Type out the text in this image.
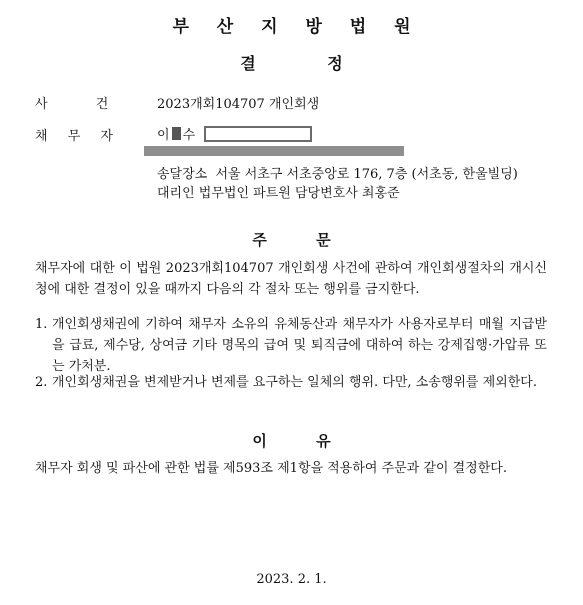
부 산 지 방 법 원
결 정
사 건	2023개회104707 개인회생
채 무 자	이 수
송달장소  서울 서초구 서초중앙로 176, 7층 (서초동, 한울빌딩)
대리인 법무법인 파트원 담당변호사 최홍준
주 문
채무자에 대한 이 법원 2023개회104707 개인회생 사건에 관하여 개인회생절차의 개시신청에 대한 결정이 있을 때까지 다음의 각 절차 또는 행위를 금지한다.
1. 개인회생채권에 기하여 채무자 소유의 유체동산과 채무자가 사용자로부터 매월 지급받을 급료, 제수당, 상여금 기타 명목의 급여 및 퇴직금에 대하여 하는 강제집행·가압류 또는 가처분.
2. 개인회생채권을 변제받거나 변제를 요구하는 일체의 행위. 다만, 소송행위를 제외한다.
이 유
채무자 회생 및 파산에 관한 법률 제593조 제1항을 적용하여 주문과 같이 결정한다.
2023. 2. 1.
